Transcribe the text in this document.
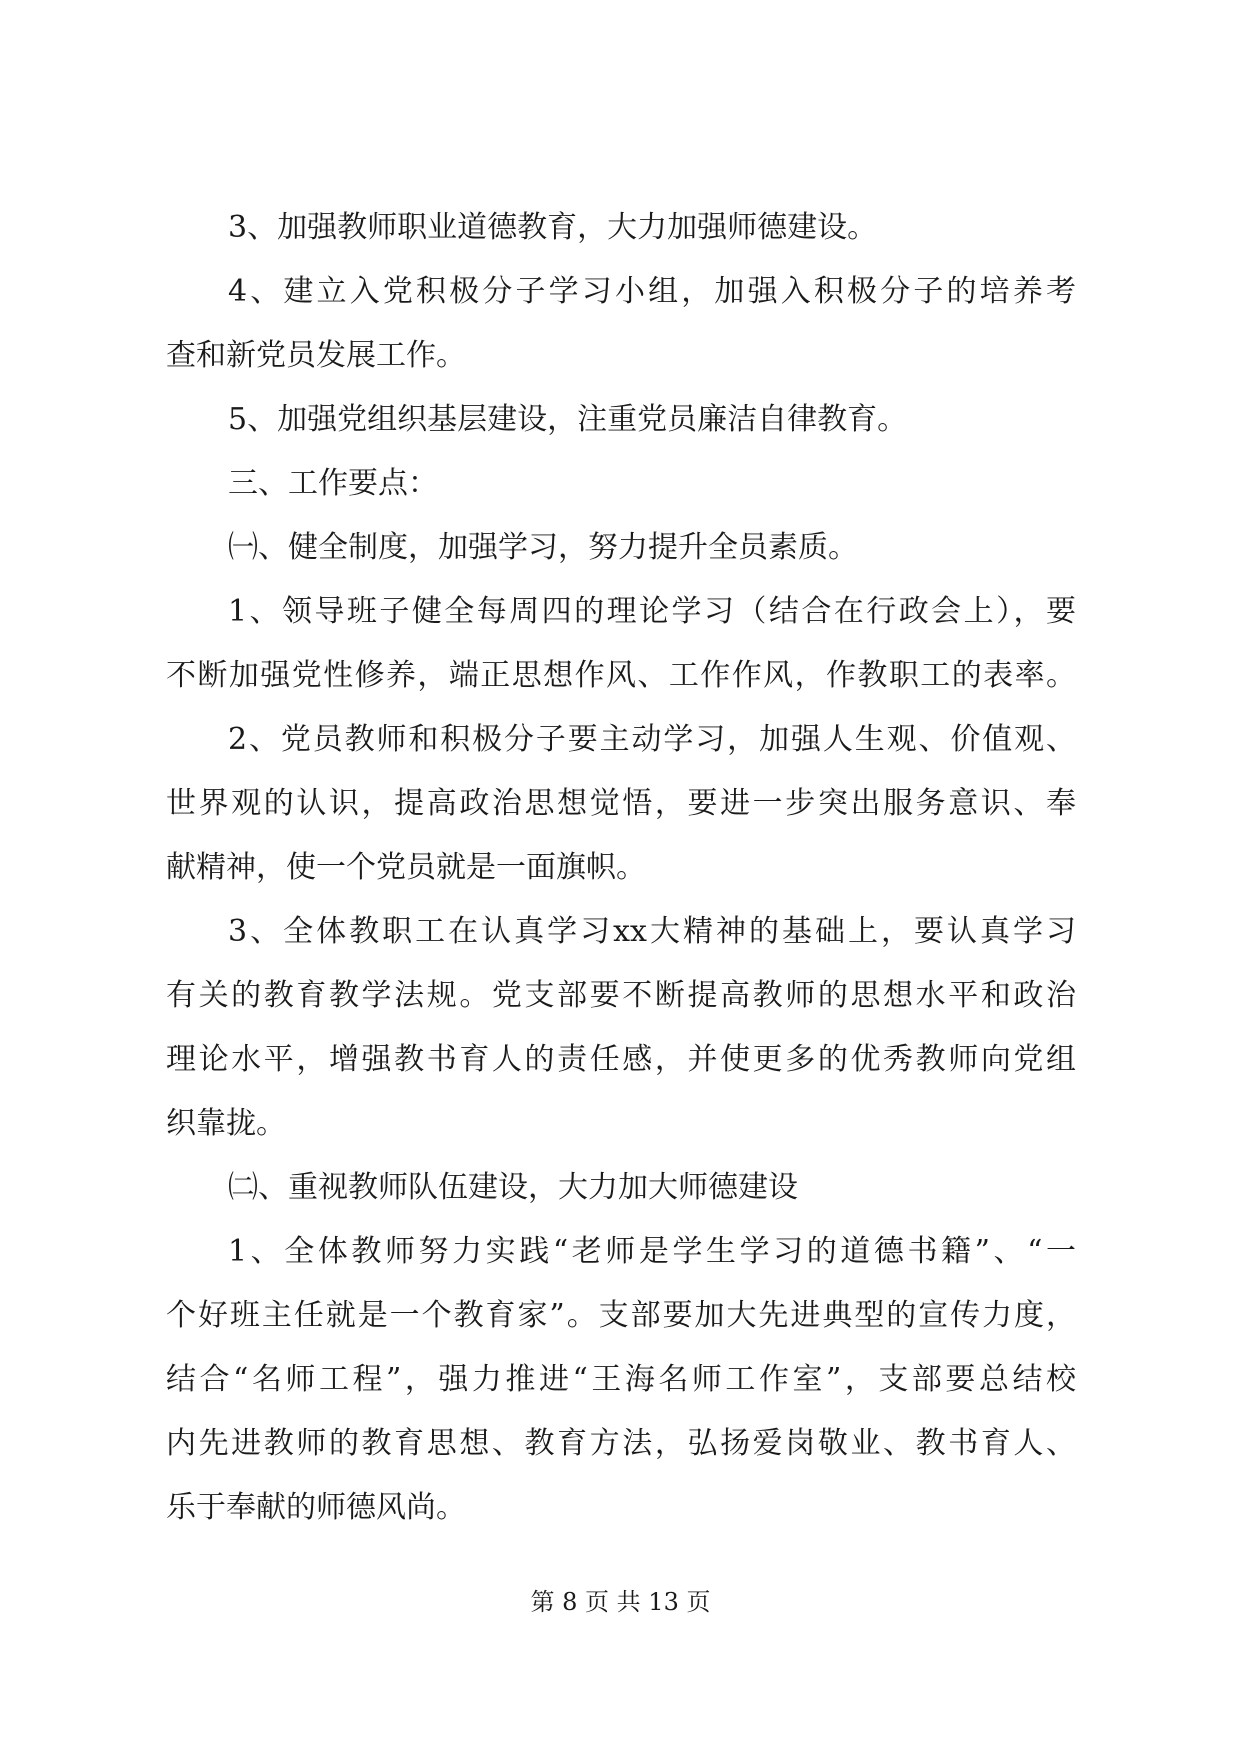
3、加强教师职业道德教育，大力加强师德建设。
4、建立入党积极分子学习小组，加强入积极分子的培养考
查和新党员发展工作。
5、加强党组织基层建设，注重党员廉洁自律教育。
三、工作要点：
㈠、健全制度，加强学习，努力提升全员素质。
1、领导班子健全每周四的理论学习（结合在行政会上），要
不断加强党性修养，端正思想作风、工作作风，作教职工的表率。
2、党员教师和积极分子要主动学习，加强人生观、价值观、
世界观的认识，提高政治思想觉悟，要进一步突出服务意识、奉
献精神，使一个党员就是一面旗帜。
3、全体教职工在认真学习xx大精神的基础上，要认真学习
有关的教育教学法规。党支部要不断提高教师的思想水平和政治
理论水平，增强教书育人的责任感，并使更多的优秀教师向党组
织靠拢。
㈡、重视教师队伍建设，大力加大师德建设
1、全体教师努力实践“老师是学生学习的道德书籍”、“一
个好班主任就是一个教育家”。支部要加大先进典型的宣传力度，
结合“名师工程”，强力推进“王海名师工作室”，支部要总结校
内先进教师的教育思想、教育方法，弘扬爱岗敬业、教书育人、
乐于奉献的师德风尚。
第 8 页 共 13 页
